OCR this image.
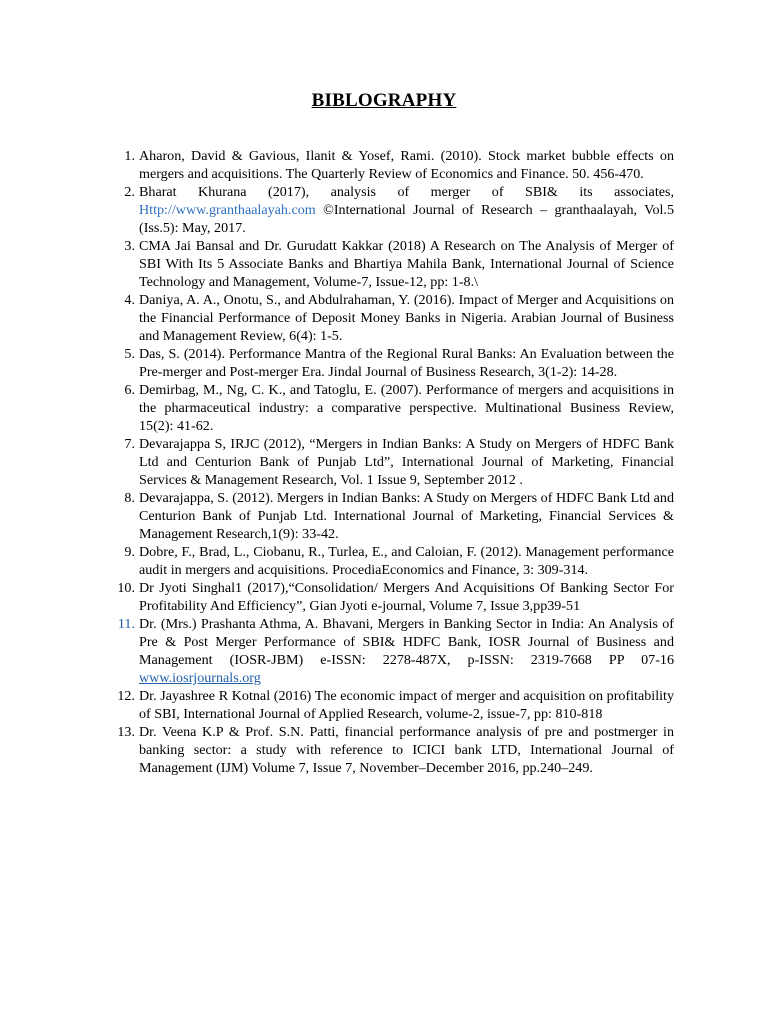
BIBLOGRAPHY
1. Aharon, David & Gavious, Ilanit & Yosef, Rami. (2010). Stock market bubble effects on mergers and acquisitions. The Quarterly Review of Economics and Finance. 50. 456-470.
2. Bharat Khurana (2017), analysis of merger of SBI& its associates, Http://www.granthaalayah.com ©International Journal of Research – granthaalayah, Vol.5 (Iss.5): May, 2017.
3. CMA Jai Bansal and Dr. Gurudatt Kakkar (2018) A Research on The Analysis of Merger of SBI With Its 5 Associate Banks and Bhartiya Mahila Bank, International Journal of Science Technology and Management, Volume-7, Issue-12, pp: 1-8.\
4. Daniya, A. A., Onotu, S., and Abdulrahaman, Y. (2016). Impact of Merger and Acquisitions on the Financial Performance of Deposit Money Banks in Nigeria. Arabian Journal of Business and Management Review, 6(4): 1-5.
5. Das, S. (2014). Performance Mantra of the Regional Rural Banks: An Evaluation between the Pre-merger and Post-merger Era. Jindal Journal of Business Research, 3(1-2): 14-28.
6. Demirbag, M., Ng, C. K., and Tatoglu, E. (2007). Performance of mergers and acquisitions in the pharmaceutical industry: a comparative perspective. Multinational Business Review, 15(2): 41-62.
7. Devarajappa S, IRJC (2012), “Mergers in Indian Banks: A Study on Mergers of HDFC Bank Ltd and Centurion Bank of Punjab Ltd”, International Journal of Marketing, Financial Services & Management Research, Vol. 1 Issue 9, September 2012 .
8. Devarajappa, S. (2012). Mergers in Indian Banks: A Study on Mergers of HDFC Bank Ltd and Centurion Bank of Punjab Ltd. International Journal of Marketing, Financial Services & Management Research,1(9): 33-42.
9. Dobre, F., Brad, L., Ciobanu, R., Turlea, E., and Caloian, F. (2012). Management performance audit in mergers and acquisitions. ProcediaEconomics and Finance, 3: 309-314.
10. Dr Jyoti Singhal1 (2017),“Consolidation/ Mergers And Acquisitions Of Banking Sector For Profitability And Efficiency”, Gian Jyoti e-journal, Volume 7, Issue 3,pp39-51
11. Dr. (Mrs.) Prashanta Athma, A. Bhavani, Mergers in Banking Sector in India: An Analysis of Pre & Post Merger Performance of SBI& HDFC Bank, IOSR Journal of Business and Management (IOSR-JBM) e-ISSN: 2278-487X, p-ISSN: 2319-7668 PP 07-16 www.iosrjournals.org
12. Dr. Jayashree R Kotnal (2016) The economic impact of merger and acquisition on profitability of SBI, International Journal of Applied Research, volume-2, issue-7, pp: 810-818
13. Dr. Veena K.P & Prof. S.N. Patti, financial performance analysis of pre and postmerger in banking sector: a study with reference to ICICI bank LTD, International Journal of Management (IJM) Volume 7, Issue 7, November–December 2016, pp.240–249.
